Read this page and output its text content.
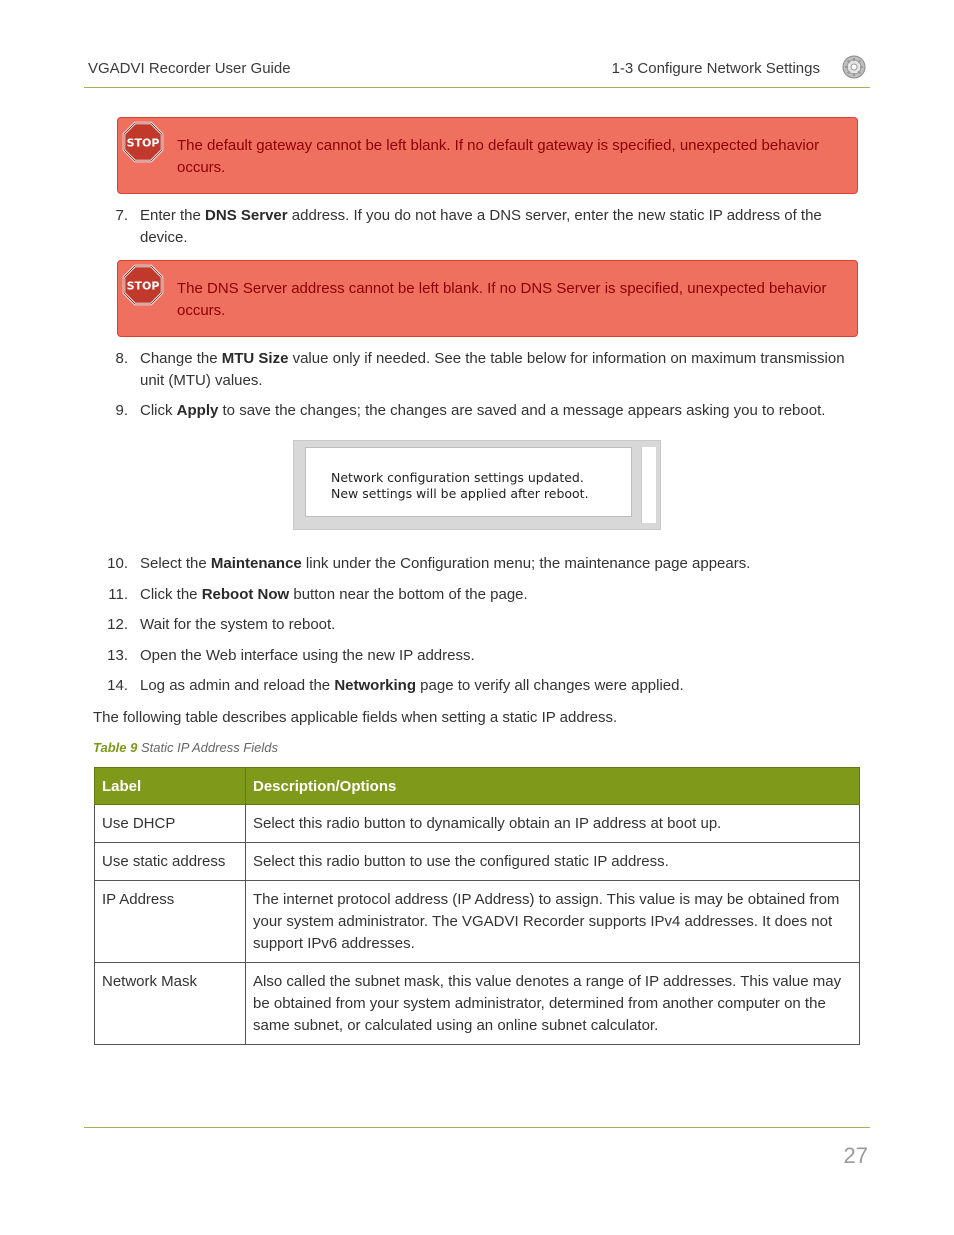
VGADVI Recorder User Guide	1-3 Configure Network Settings
STOP The default gateway cannot be left blank. If no default gateway is specified, unexpected behavior occurs.
7. Enter the DNS Server address. If you do not have a DNS server, enter the new static IP address of the device.
STOP The DNS Server address cannot be left blank. If no DNS Server is specified, unexpected behavior occurs.
8. Change the MTU Size value only if needed. See the table below for information on maximum transmission unit (MTU) values.
9. Click Apply to save the changes; the changes are saved and a message appears asking you to reboot.
Network configuration settings updated.
New settings will be applied after reboot.
10. Select the Maintenance link under the Configuration menu; the maintenance page appears.
11. Click the Reboot Now button near the bottom of the page.
12. Wait for the system to reboot.
13. Open the Web interface using the new IP address.
14. Log as admin and reload the Networking page to verify all changes were applied.
The following table describes applicable fields when setting a static IP address.
Table 9 Static IP Address Fields
Label	Description/Options
Use DHCP	Select this radio button to dynamically obtain an IP address at boot up.
Use static address	Select this radio button to use the configured static IP address.
IP Address	The internet protocol address (IP Address) to assign. This value is may be obtained from your system administrator. The VGADVI Recorder supports IPv4 addresses. It does not support IPv6 addresses.
Network Mask	Also called the subnet mask, this value denotes a range of IP addresses. This value may be obtained from your system administrator, determined from another computer on the same subnet, or calculated using an online subnet calculator.
27
